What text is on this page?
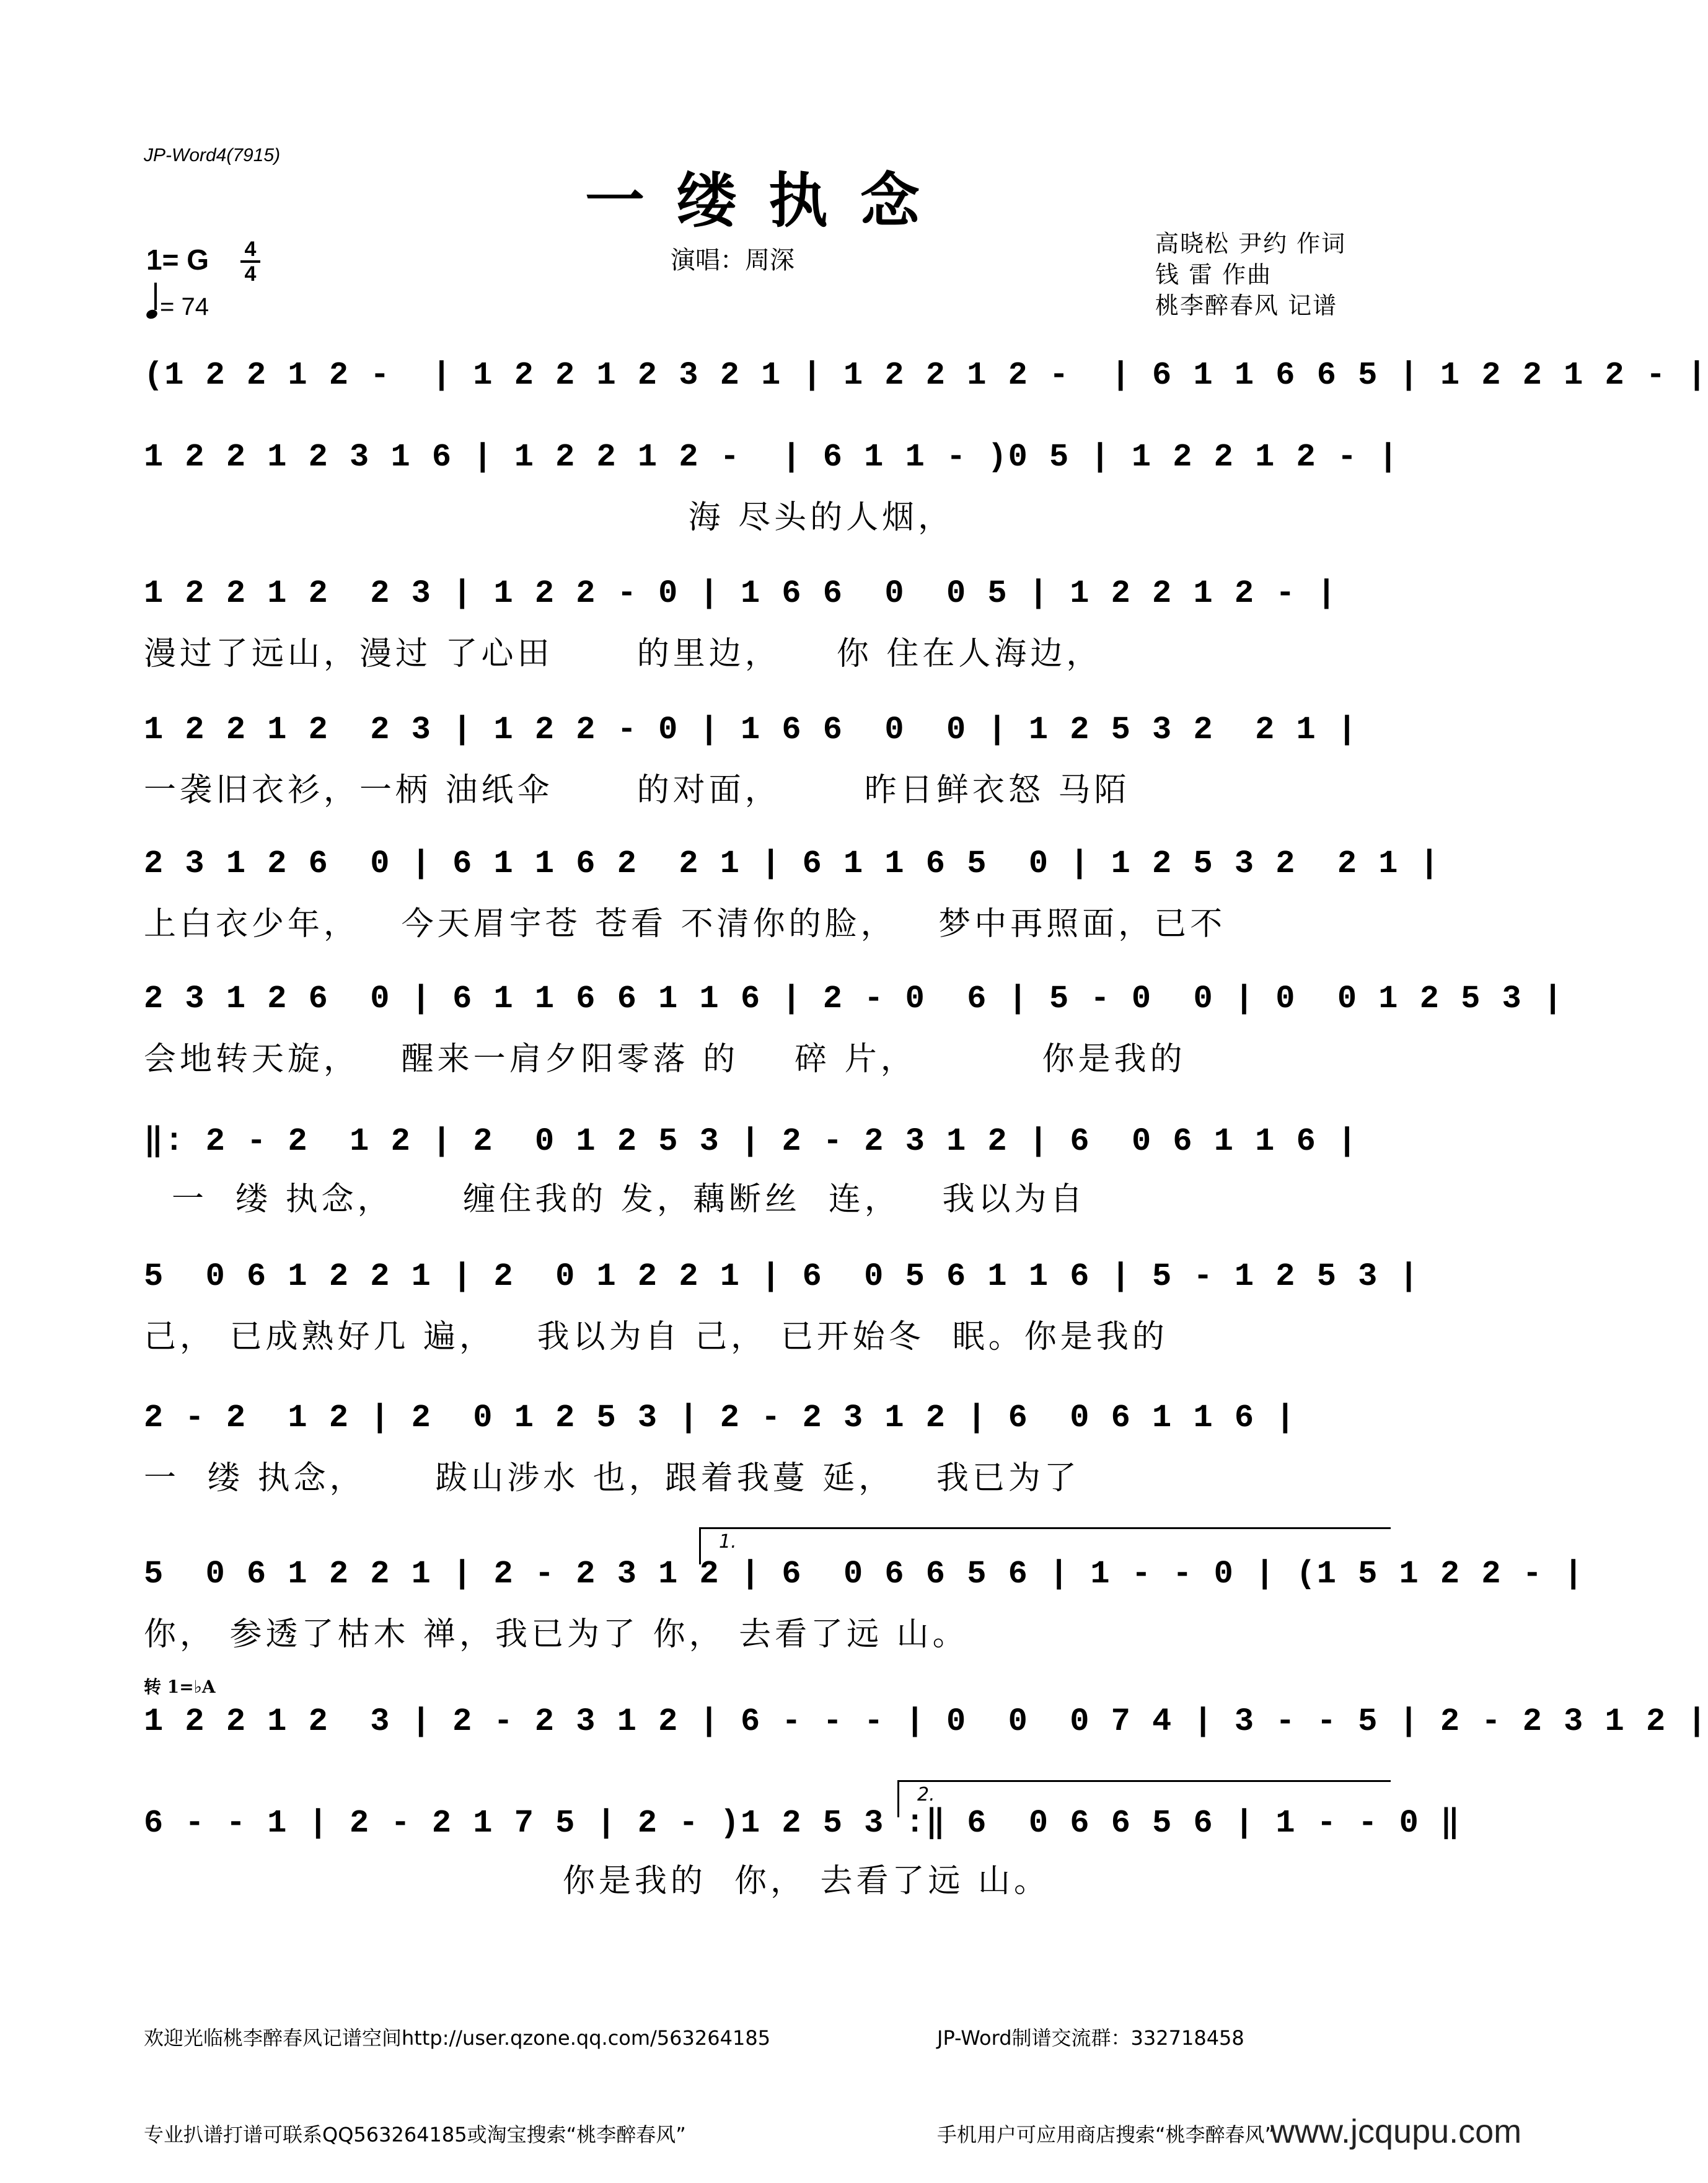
JP-Word4(7915)
一缕执念
1= G	4
4
= 74
演唱：周深
高晓松 尹约 作词
钱 雷 作曲
桃李醉春风 记谱
(1 2 2 1 2 -  | 1 2 2 1 2 3 2 1 | 1 2 2 1 2 -  | 6 1 1 6 6 5 | 1 2 2 1 2 - |
1 2 2 1 2 3 1 6 | 1 2 2 1 2 -  | 6 1 1 - )0 5 | 1 2 2 1 2 - |
海 尽头的人烟，
1 2 2 1 2  2 3 | 1 2 2 - 0 | 1 6 6  0  0 5 | 1 2 2 1 2 - |
漫过了远山，漫过 了心田      的里边，    你 住在人海边，
1 2 2 1 2  2 3 | 1 2 2 - 0 | 1 6 6  0  0 | 1 2 5 3 2  2 1 |
一袭旧衣衫，一柄 油纸伞      的对面，      昨日鲜衣怒 马陌
2 3 1 2 6  0 | 6 1 1 6 2  2 1 | 6 1 1 6 5  0 | 1 2 5 3 2  2 1 |
上白衣少年，   今天眉宇苍 苍看 不清你的脸，   梦中再照面，已不
2 3 1 2 6  0 | 6 1 1 6 6 1 1 6 | 2 - 0  6 | 5 - 0  0 | 0  0 1 2 5 3 |
会地转天旋，   醒来一肩夕阳零落 的    碎 片，         你是我的
‖: 2 - 2  1 2 | 2  0 1 2 5 3 | 2 - 2 3 1 2 | 6  0 6 1 1 6 |
一  缕 执念，     缠住我的 发，藕断丝  连，   我以为自
5  0 6 1 2 2 1 | 2  0 1 2 2 1 | 6  0 5 6 1 1 6 | 5 - 1 2 5 3 |
己， 已成熟好几 遍，   我以为自 己， 已开始冬  眠。你是我的
2 - 2  1 2 | 2  0 1 2 5 3 | 2 - 2 3 1 2 | 6  0 6 1 1 6 |
一  缕 执念，     跋山涉水 也，跟着我蔓 延，   我已为了
1.
5  0 6 1 2 2 1 | 2 - 2 3 1 2 | 6  0 6 6 5 6 | 1 - - 0 | (1 5 1 2 2 - |
你， 参透了枯木 禅，我已为了 你， 去看了远 山。
转 1=♭A
1 2 2 1 2  3 | 2 - 2 3 1 2 | 6 - - - | 0  0  0 7 4 | 3 - - 5 | 2 - 2 3 1 2 |
2.
6 - - 1 | 2 - 2 1 7 5 | 2 - )1 2 5 3 :‖ 6  0 6 6 5 6 | 1 - - 0 ‖
你是我的  你， 去看了远 山。

欢迎光临桃李醉春风记谱空间http://user.qzone.qq.com/563264185

专业扒谱打谱可联系QQ563264185或淘宝搜索“桃李醉春风”

JP-Word制谱交流群：332718458

手机用户可应用商店搜索“桃李醉春风”

www.jcqupu.com
